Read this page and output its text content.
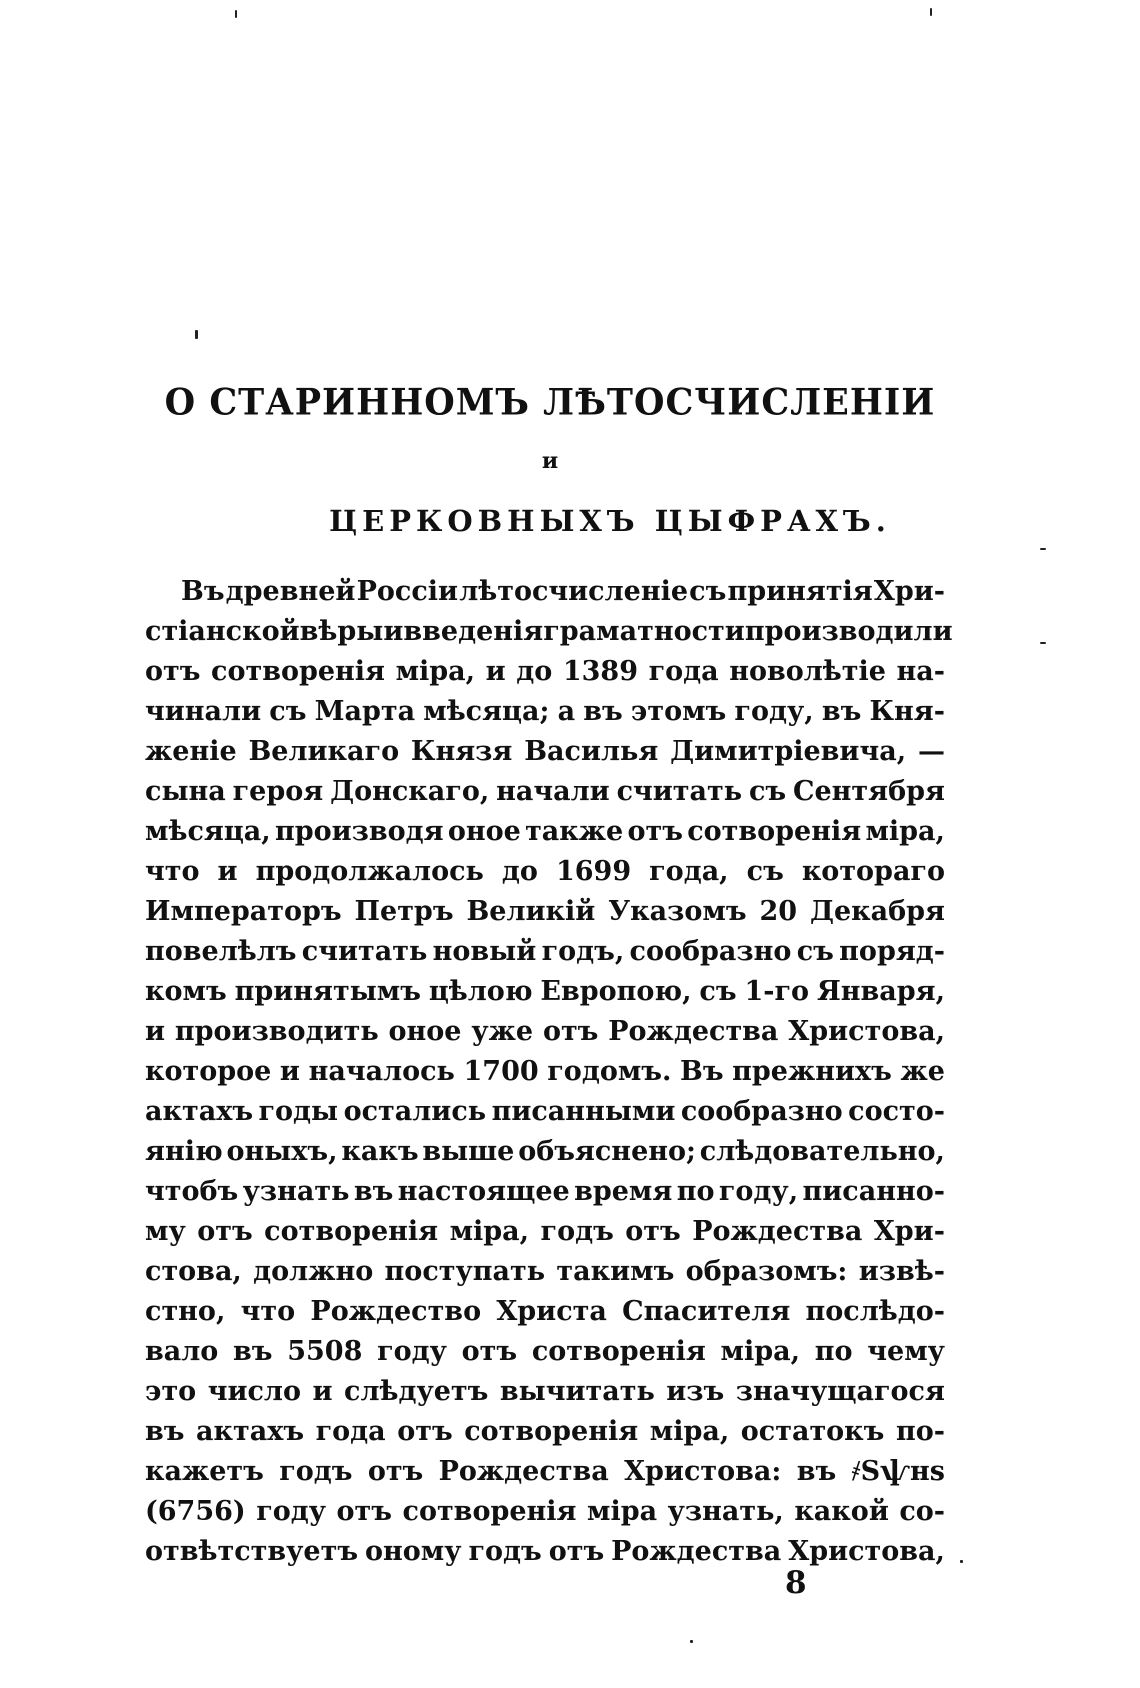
О СТАРИННОМЪ ЛѢТОСЧИСЛЕНІИ
и
ЦЕРКОВНЫХЪ ЦЫФРАХЪ.
Въ древней Россіи лѣтосчисленіе съ принятія Хри-
стіанской вѣры и введенія граматности производили
отъ сотворенія міра, и до 1389 года новолѣтіе на-
чинали съ Марта мѣсяца; а въ этомъ году, въ Кня-
женіе Великаго Князя Василья Димитріевича, —
сына героя Донскаго, начали считать съ Сентября
мѣсяца, производя оное также отъ сотворенія міра,
что и продолжалось до 1699 года, съ котораго
Императоръ Петръ Великій Указомъ 20 Декабря
повелѣлъ считать новый годъ, сообразно съ поряд-
комъ принятымъ цѣлою Европою, съ 1-го Января,
и производить оное уже отъ Рождества Христова,
которое и началось 1700 годомъ. Въ прежнихъ же
актахъ годы остались писанными сообразно состо-
янію оныхъ, какъ выше объяснено; слѣдовательно,
чтобъ узнать въ настоящее время по году, писанно-
му отъ сотворенія міра, годъ отъ Рождества Хри-
стова, должно поступать такимъ образомъ: извѣ-
стно, что Рождество Христа Спасителя послѣдо-
вало въ 5508 году отъ сотворенія міра, по чему
это число и слѣдуетъ вычитать изъ значущагося
въ актахъ года отъ сотворенія міра, остатокъ по-
кажетъ годъ отъ Рождества Христова: въ ҂Ѕѱнѕ
(6756) году отъ сотворенія міра узнать, какой со-
отвѣтствуетъ оному годъ отъ Рождества Христова,
8
